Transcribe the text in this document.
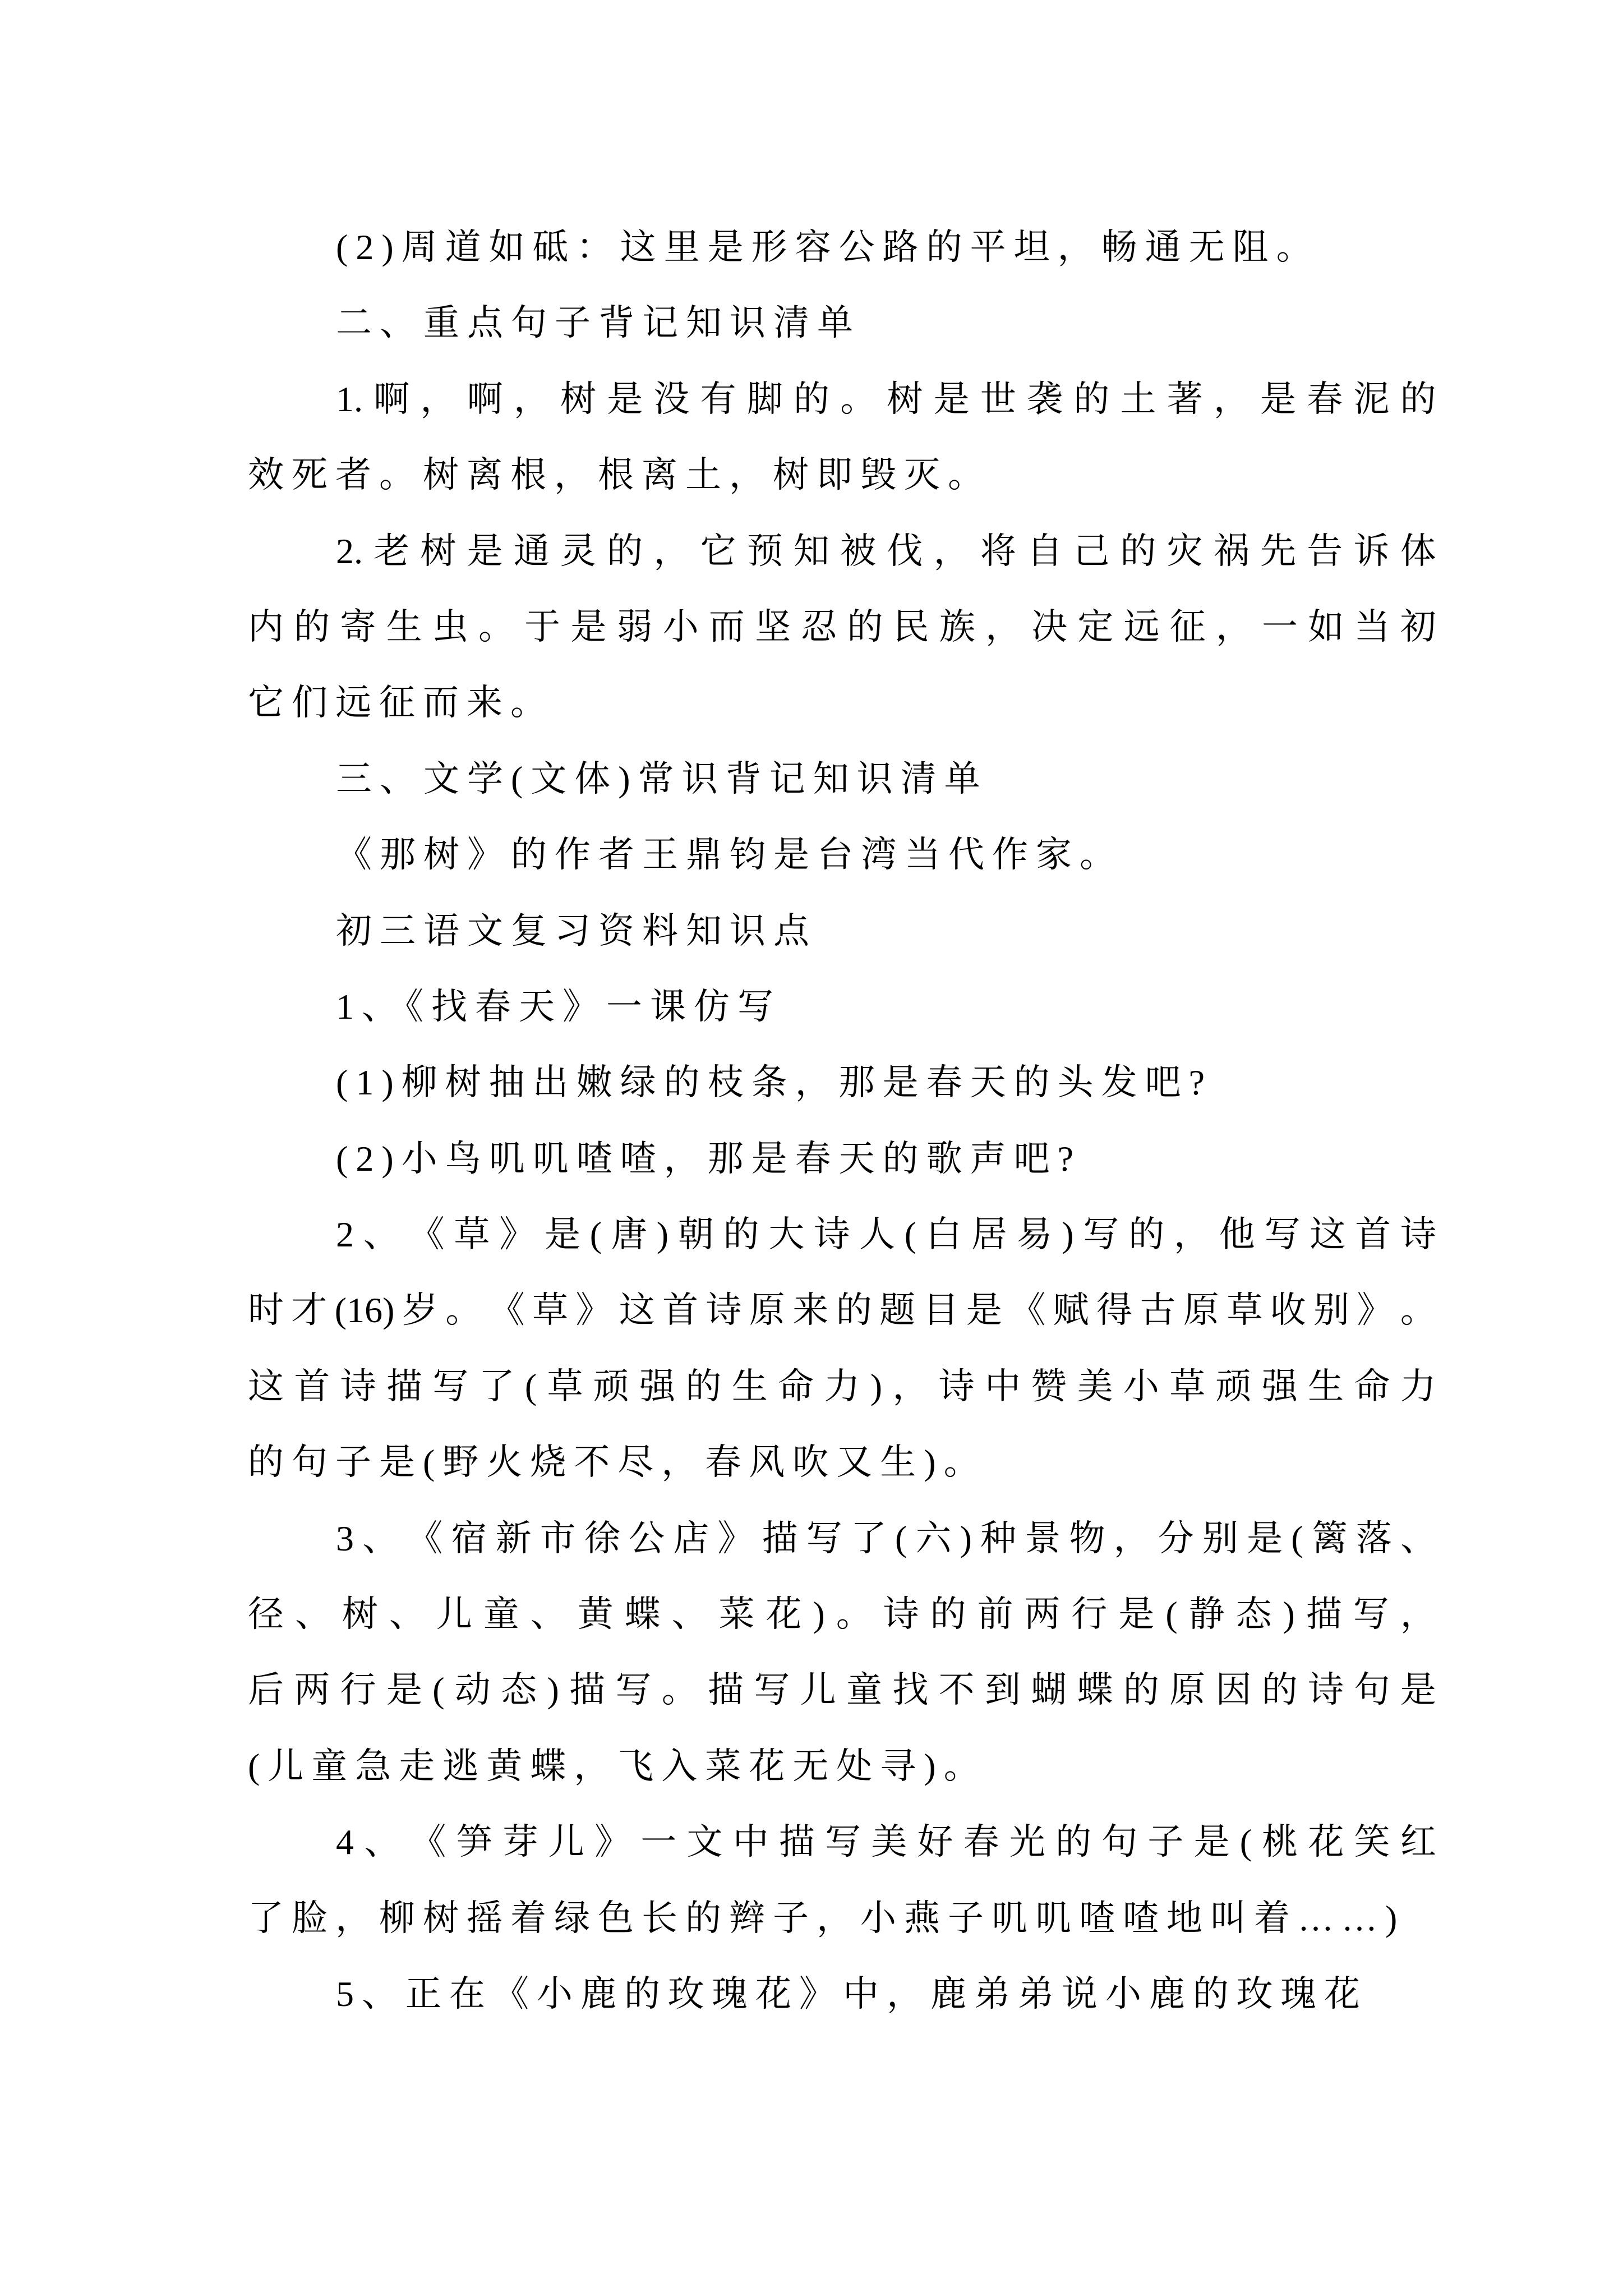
(2)周道如砥：这里是形容公路的平坦，畅通无阻。
二、重点句子背记知识清单
1. 啊 ， 啊 ， 树 是 没 有 脚 的 。 树 是 世 袭 的 土 著 ， 是 春 泥 的
效死者。树离根，根离土，树即毁灭。
2. 老 树 是 通 灵 的 ， 它 预 知 被 伐 ， 将 自 己 的 灾 祸 先 告 诉 体
内 的 寄 生 虫 。 于 是 弱 小 而 坚 忍 的 民 族 ， 决 定 远 征 ， 一 如 当 初
它们远征而来。
三、文学(文体)常识背记知识清单
《那树》的作者王鼎钧是台湾当代作家。
初三语文复习资料知识点
1、《找春天》一课仿写
(1)柳树抽出嫩绿的枝条，那是春天的头发吧?
(2)小鸟叽叽喳喳，那是春天的歌声吧?
2 、 《 草 》 是 ( 唐 ) 朝 的 大 诗 人 ( 白 居 易 ) 写 的 ， 他 写 这 首 诗
时 才 (16) 岁 。 《 草 》 这 首 诗 原 来 的 题 目 是 《 赋 得 古 原 草 收 别 》 。
这 首 诗 描 写 了 ( 草 顽 强 的 生 命 力 ) ， 诗 中 赞 美 小 草 顽 强 生 命 力
的句子是(野火烧不尽，春风吹又生)。
3 、 《 宿 新 市 徐 公 店 》 描 写 了 ( 六 ) 种 景 物 ， 分 别 是 ( 篱 落 、
径 、 树 、 儿 童 、 黄 蝶 、 菜 花 ) 。 诗 的 前 两 行 是 ( 静 态 ) 描 写 ，
后 两 行 是 ( 动 态 ) 描 写 。 描 写 儿 童 找 不 到 蝴 蝶 的 原 因 的 诗 句 是
(儿童急走逃黄蝶，飞入菜花无处寻)。
4 、 《 笋 芽 儿 》 一 文 中 描 写 美 好 春 光 的 句 子 是 ( 桃 花 笑 红
了脸，柳树摇着绿色长的辫子，小燕子叽叽喳喳地叫着……)
5、正在《小鹿的玫瑰花》中，鹿弟弟说小鹿的玫瑰花
